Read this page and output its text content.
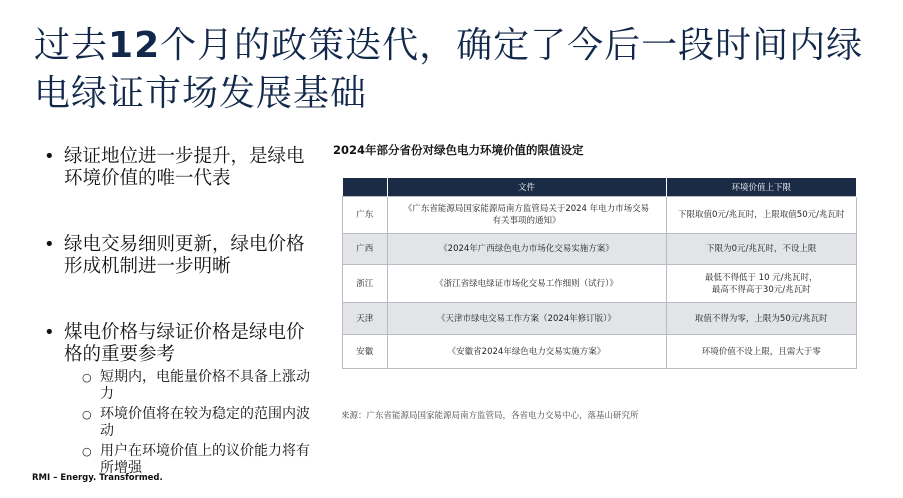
过去12个月的政策迭代，确定了今后一段时间内绿电绿证市场发展基础
• 绿证地位进一步提升，是绿电环境价值的唯一代表
• 绿电交易细则更新，绿电价格形成机制进一步明晰
• 煤电价格与绿证价格是绿电价格的重要参考
○ 短期内，电能量价格不具备上涨动力
○ 环境价值将在较为稳定的范围内波动
○ 用户在环境价值上的议价能力将有所增强
2024年部分省份对绿色电力环境价值的限值设定
	文件	环境价值上下限
广东	《广东省能源局国家能源局南方监管局关于2024 年电力市场交易
有关事项的通知》	下限取值0元/兆瓦时，上限取值50元/兆瓦时
广西	《2024年广西绿色电力市场化交易实施方案》	下限为0元/兆瓦时，不设上限
浙江	《浙江省绿电绿证市场化交易工作细则（试行）》	最低不得低于 10 元/兆瓦时，
最高不得高于30元/兆瓦时
天津	《天津市绿电交易工作方案（2024年修订版）》	取值不得为零，上限为50元/兆瓦时
安徽	《安徽省2024年绿色电力交易实施方案》	环境价值不设上限，且需大于零
来源：广东省能源局国家能源局南方监管局，各省电力交易中心，落基山研究所
RMI – Energy. Transformed.
